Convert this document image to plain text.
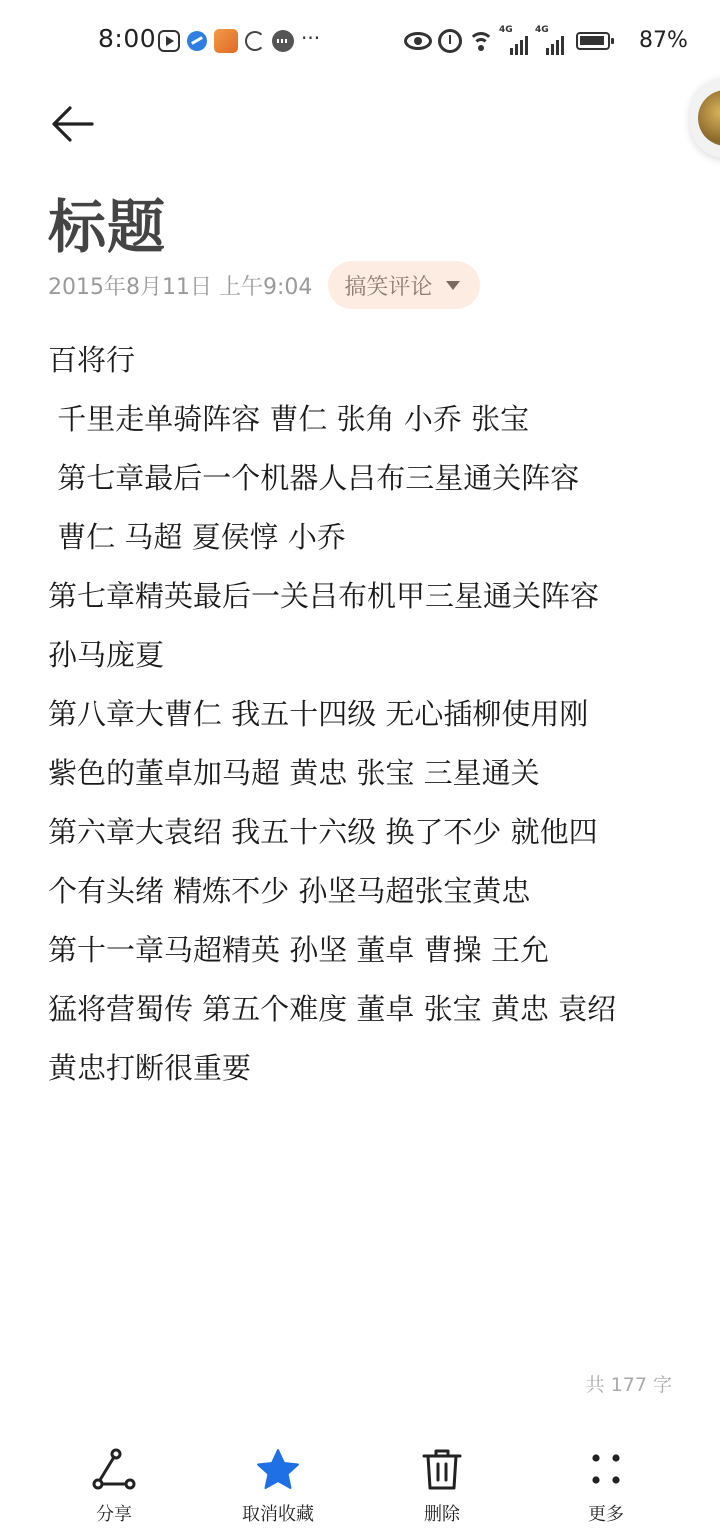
8:00	···	4G 4G	87%
标题
2015年8月11日 上午9:04 搞笑评论
百将行
千里走单骑阵容 曹仁 张角 小乔 张宝
第七章最后一个机器人吕布三星通关阵容
曹仁 马超 夏侯惇 小乔
第七章精英最后一关吕布机甲三星通关阵容
孙马庞夏
第八章大曹仁 我五十四级 无心插柳使用刚
紫色的董卓加马超 黄忠 张宝 三星通关
第六章大袁绍 我五十六级 换了不少 就他四
个有头绪 精炼不少 孙坚马超张宝黄忠
第十一章马超精英 孙坚 董卓 曹操 王允
猛将营蜀传 第五个难度 董卓 张宝 黄忠 袁绍
黄忠打断很重要
共 177 字
分享	取消收藏	删除	更多
